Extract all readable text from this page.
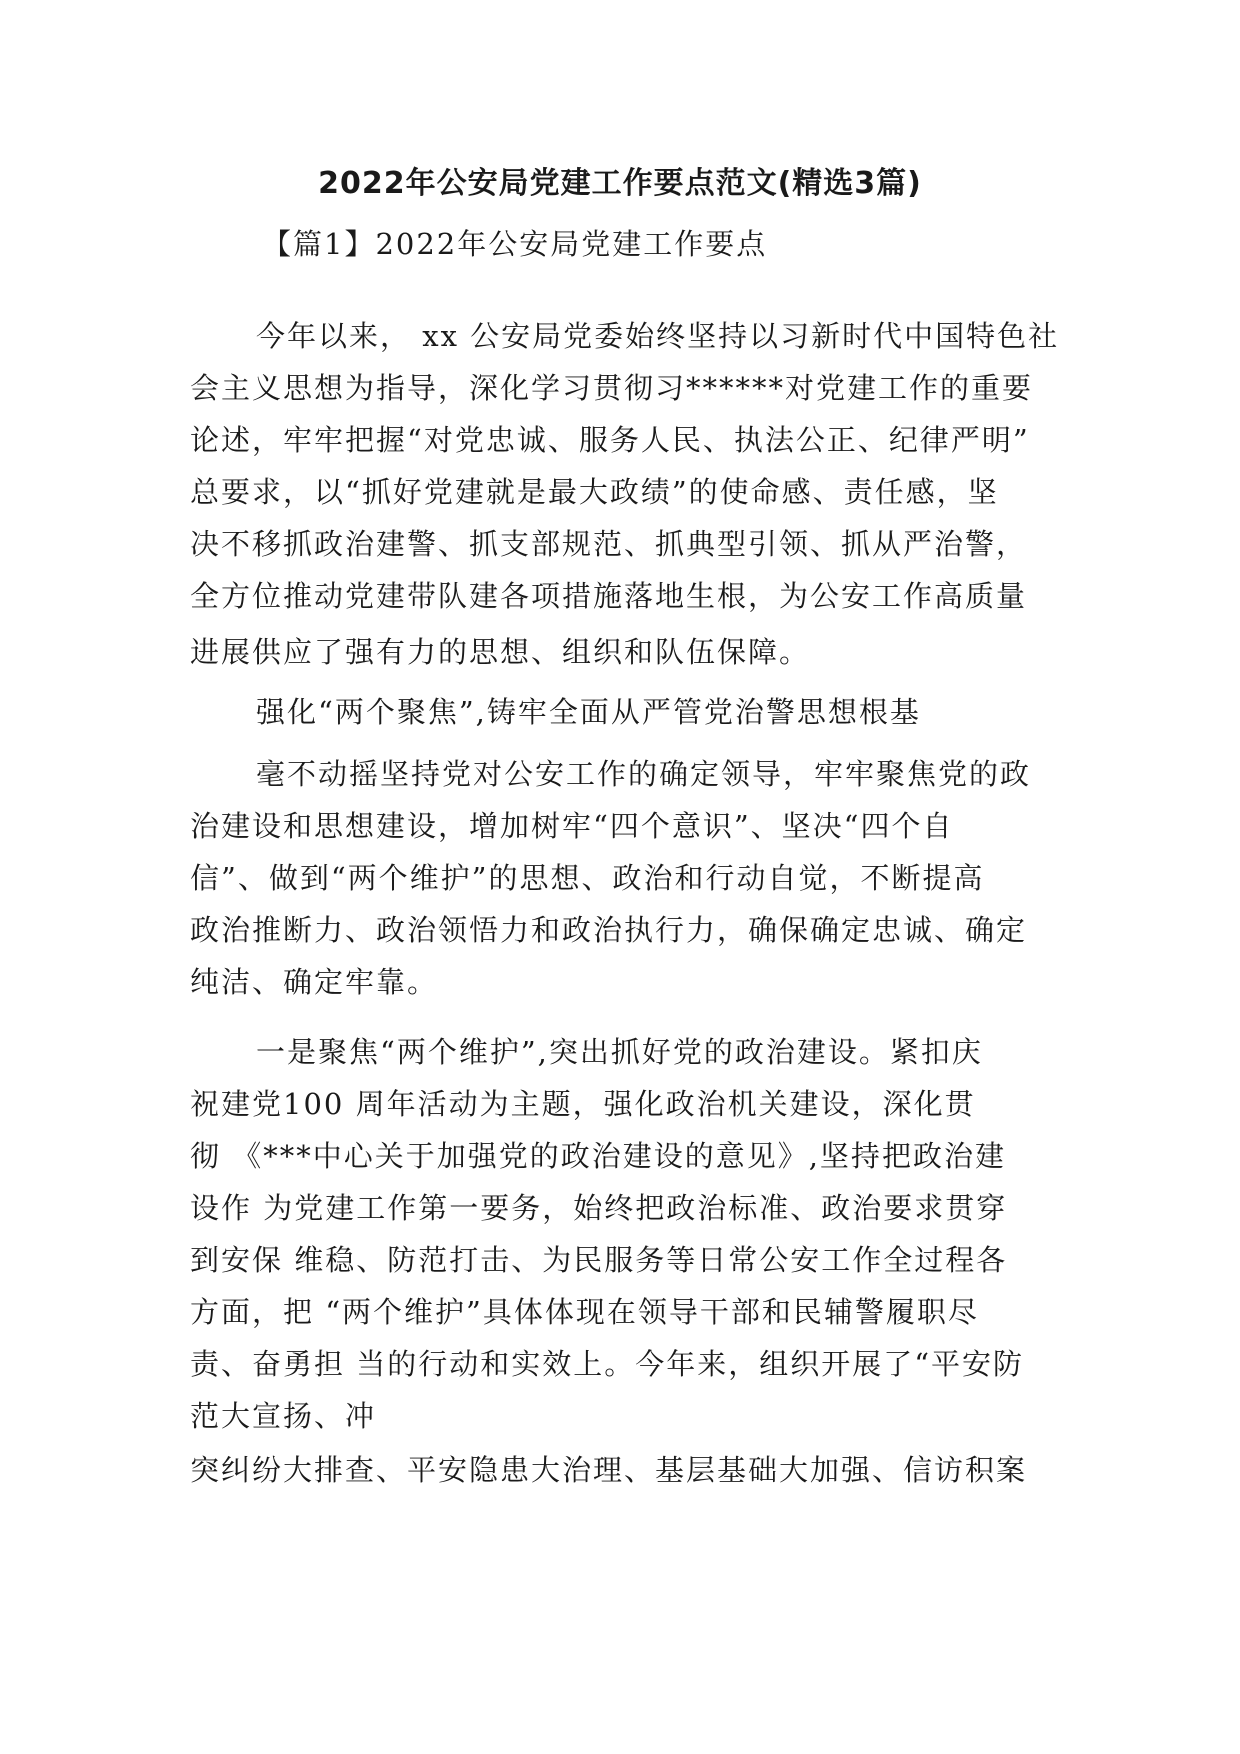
2022年公安局党建工作要点范文(精选3篇)
【篇1】2022年公安局党建工作要点

今年以来， xx 公安局党委始终坚持以习新时代中国特色社

会主义思想为指导，深化学习贯彻习******对党建工作的重要

论述，牢牢把握“对党忠诚、服务人民、执法公正、纪律严明”

总要求，以“抓好党建就是最大政绩”的使命感、责任感，坚

决不移抓政治建警、抓支部规范、抓典型引领、抓从严治警，

全方位推动党建带队建各项措施落地生根，为公安工作高质量

进展供应了强有力的思想、组织和队伍保障。

强化“两个聚焦”,铸牢全面从严管党治警思想根基

毫不动摇坚持党对公安工作的确定领导，牢牢聚焦党的政

治建设和思想建设，增加树牢“四个意识”、坚决“四个自

信”、做到“两个维护”的思想、政治和行动自觉，不断提高

政治推断力、政治领悟力和政治执行力，确保确定忠诚、确定

纯洁、确定牢靠。

一是聚焦“两个维护”,突出抓好党的政治建设。紧扣庆

祝建党100 周年活动为主题，强化政治机关建设，深化贯

彻 《***中心关于加强党的政治建设的意见》,坚持把政治建

设作 为党建工作第一要务，始终把政治标准、政治要求贯穿

到安保 维稳、防范打击、为民服务等日常公安工作全过程各

方面，把 “两个维护”具体体现在领导干部和民辅警履职尽

责、奋勇担 当的行动和实效上。今年来，组织开展了“平安防

范大宣扬、冲

突纠纷大排查、平安隐患大治理、基层基础大加强、信访积案
